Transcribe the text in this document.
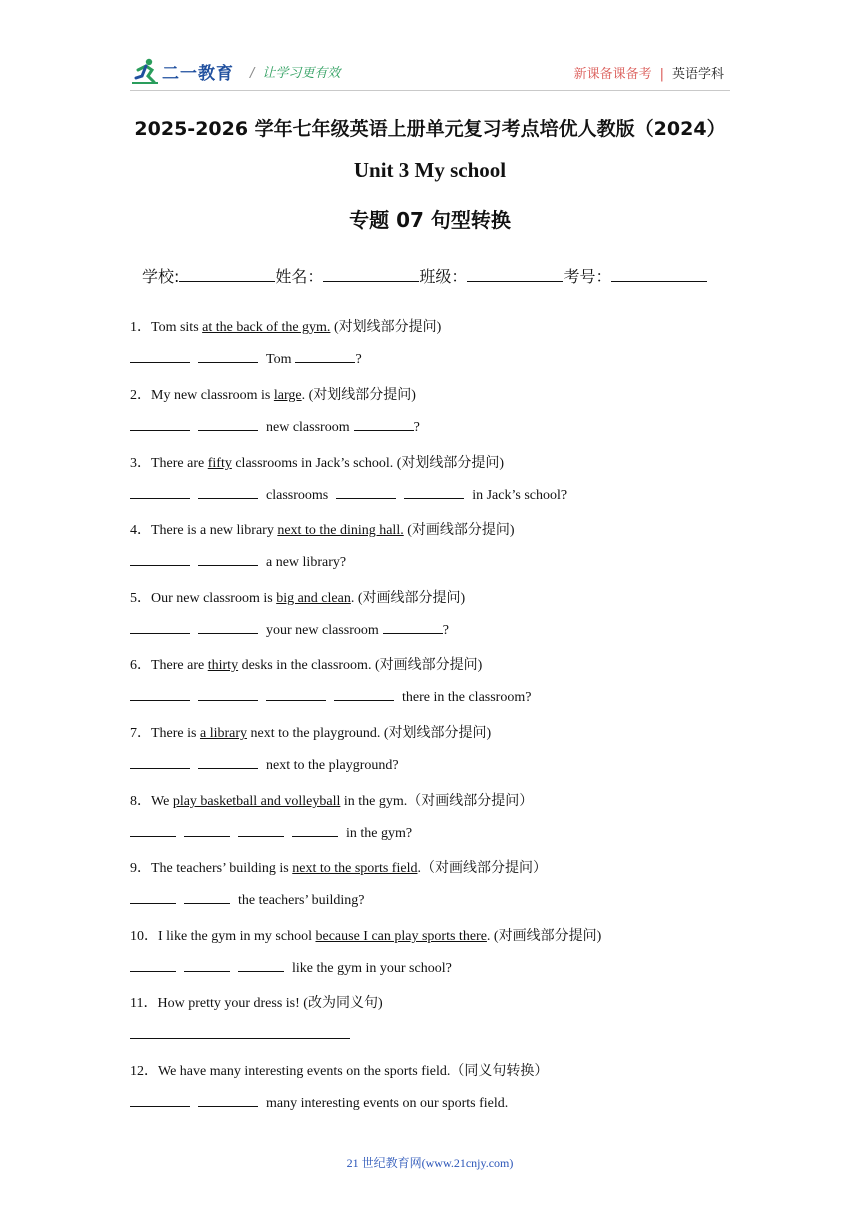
二一教育 / 让学习更有效	新课备课备考 | 英语学科
2025-2026 学年七年级英语上册单元复习考点培优人教版（2024）
Unit 3 My school
专题 07 句型转换
学校:	姓名：	班级：	考号：
1．Tom sits at the back of the gym. (对划线部分提问)
Tom	?
2．My new classroom is large. (对划线部分提问)
new classroom	?
3．There are fifty classrooms in Jack’s school. (对划线部分提问)
classrooms	in Jack’s school?
4．There is a new library next to the dining hall. (对画线部分提问)
a new library?
5．Our new classroom is big and clean. (对画线部分提问)
your new classroom	?
6．There are thirty desks in the classroom. (对画线部分提问)
there in the classroom?
7．There is a library next to the playground. (对划线部分提问)
next to the playground?
8．We play basketball and volleyball in the gym.（对画线部分提问）
in the gym?
9．The teachers’ building is next to the sports field.（对画线部分提问）
the teachers’ building?
10．I like the gym in my school because I can play sports there. (对画线部分提问)
like the gym in your school?
11．How pretty your dress is! (改为同义句)
12．We have many interesting events on the sports field.（同义句转换）
many interesting events on our sports field.
21 世纪教育网(www.21cnjy.com)
